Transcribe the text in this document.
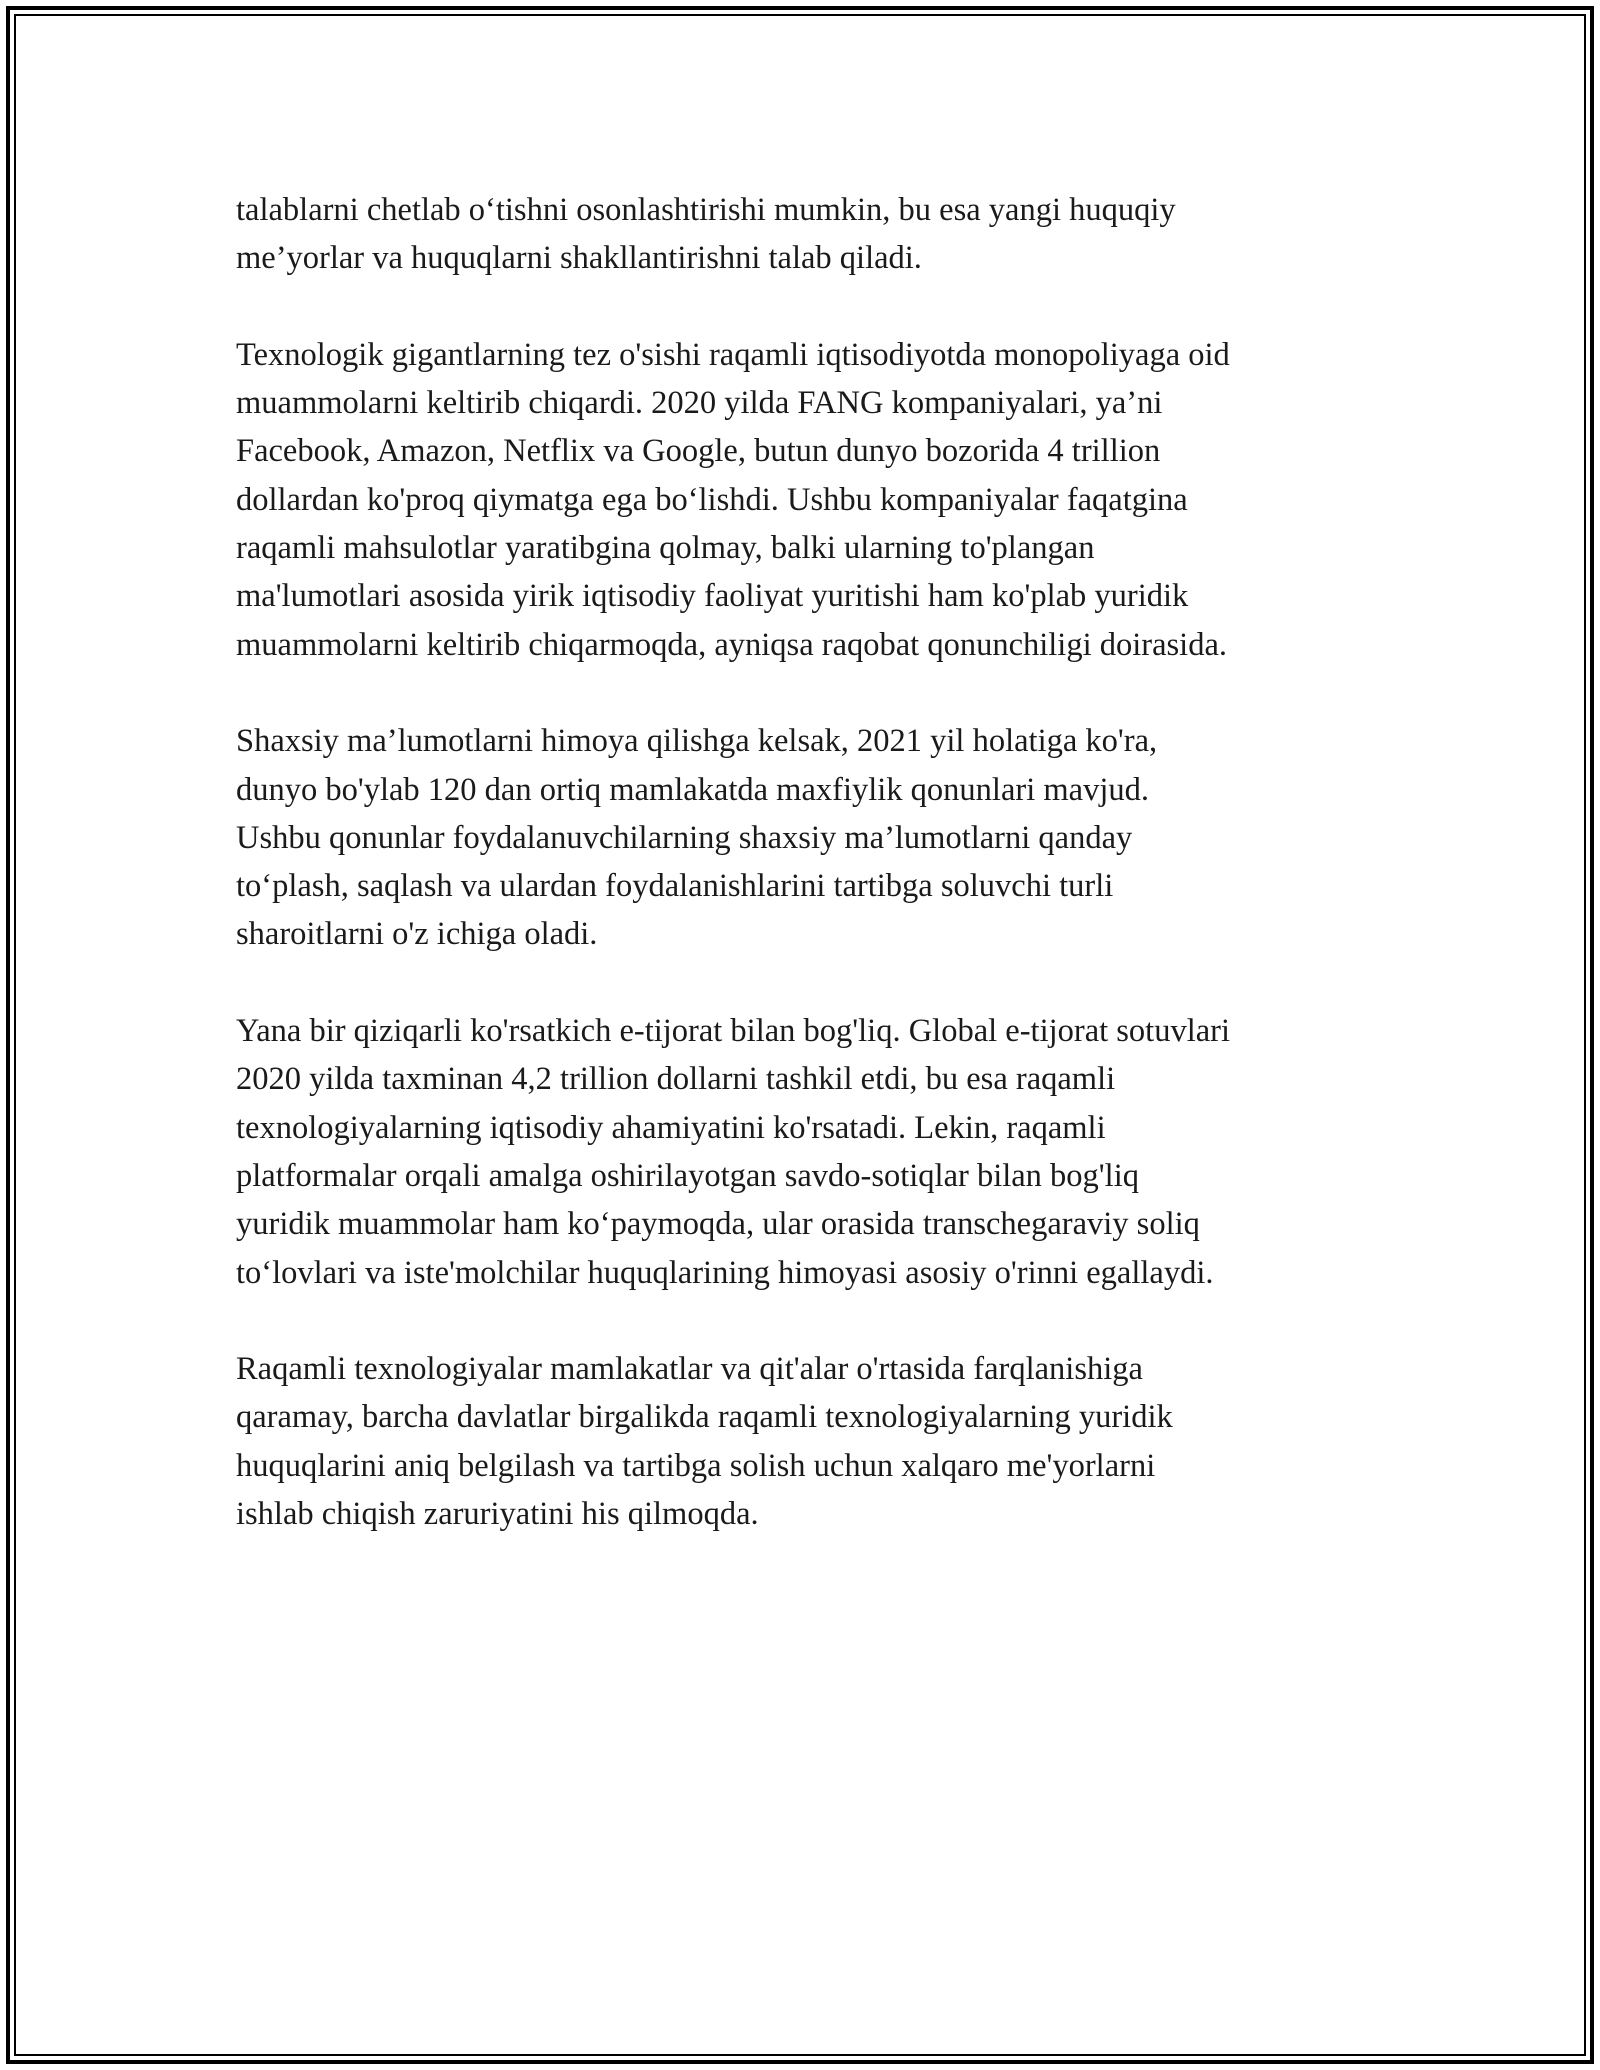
talablarni chetlab o‘tishni osonlashtirishi mumkin, bu esa yangi huquqiy
me’yorlar va huquqlarni shakllantirishni talab qiladi.

Texnologik gigantlarning tez o'sishi raqamli iqtisodiyotda monopoliyaga oid
muammolarni keltirib chiqardi. 2020 yilda FANG kompaniyalari, ya’ni
Facebook, Amazon, Netflix va Google, butun dunyo bozorida 4 trillion
dollardan ko'proq qiymatga ega bo‘lishdi. Ushbu kompaniyalar faqatgina
raqamli mahsulotlar yaratibgina qolmay, balki ularning to'plangan
ma'lumotlari asosida yirik iqtisodiy faoliyat yuritishi ham ko'plab yuridik
muammolarni keltirib chiqarmoqda, ayniqsa raqobat qonunchiligi doirasida.

Shaxsiy ma’lumotlarni himoya qilishga kelsak, 2021 yil holatiga ko'ra,
dunyo bo'ylab 120 dan ortiq mamlakatda maxfiylik qonunlari mavjud.
Ushbu qonunlar foydalanuvchilarning shaxsiy ma’lumotlarni qanday
to‘plash, saqlash va ulardan foydalanishlarini tartibga soluvchi turli
sharoitlarni o'z ichiga oladi.

Yana bir qiziqarli ko'rsatkich e-tijorat bilan bog'liq. Global e-tijorat sotuvlari
2020 yilda taxminan 4,2 trillion dollarni tashkil etdi, bu esa raqamli
texnologiyalarning iqtisodiy ahamiyatini ko'rsatadi. Lekin, raqamli
platformalar orqali amalga oshirilayotgan savdo-sotiqlar bilan bog'liq
yuridik muammolar ham ko‘paymoqda, ular orasida transchegaraviy soliq
to‘lovlari va iste'molchilar huquqlarining himoyasi asosiy o'rinni egallaydi.

Raqamli texnologiyalar mamlakatlar va qit'alar o'rtasida farqlanishiga
qaramay, barcha davlatlar birgalikda raqamli texnologiyalarning yuridik
huquqlarini aniq belgilash va tartibga solish uchun xalqaro me'yorlarni
ishlab chiqish zaruriyatini his qilmoqda.
